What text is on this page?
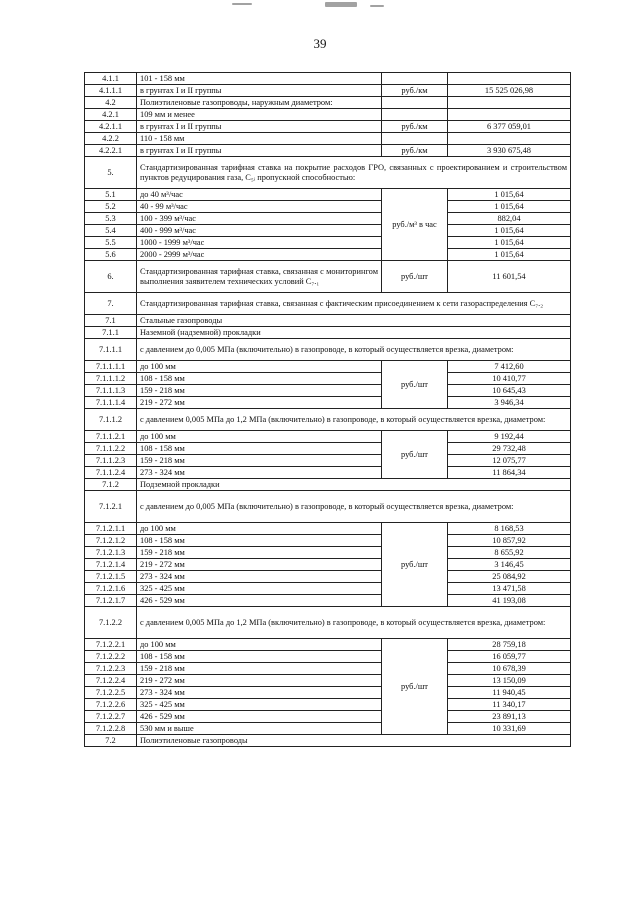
39
4.1.1	101 - 158 мм		
4.1.1.1	в грунтах I и II группы	руб./км	15 525 026,98
4.2	Полиэтиленовые газопроводы, наружным диаметром:		
4.2.1	109 мм и менее		
4.2.1.1	в грунтах I и II группы	руб./км	6 377 059,01
4.2.2	110 - 158 мм		
4.2.2.1	в грунтах I и II группы	руб./км	3 930 675,48
5.	Стандартизированная тарифная ставка на покрытие расходов ГРО, связанных с проектированием и строительством пунктов редуцирования газа, C₅ᵢ пропускной способностью:		
5.1	до 40 м³/час	руб./м³ в час	1 015,64
5.2	40 - 99 м³/час		1 015,64
5.3	100 - 399 м³/час		882,04
5.4	400 - 999 м³/час		1 015,64
5.5	1000 - 1999 м³/час		1 015,64
5.6	2000 - 2999 м³/час		1 015,64
6.	Стандартизированная тарифная ставка, связанная с мониторингом выполнения заявителем технических условий C₇.₁	руб./шт	11 601,54
7.	Стандартизированная тарифная ставка, связанная с фактическим присоединением к сети газораспределения C₇.₂		
7.1	Стальные газопроводы		
7.1.1	Наземной (надземной) прокладки		
7.1.1.1	с давлением до 0,005 МПа (включительно) в газопроводе, в который осуществляется врезка, диаметром:		
7.1.1.1.1	до 100 мм	руб./шт	7 412,60
7.1.1.1.2	108 - 158 мм		10 410,77
7.1.1.1.3	159 - 218 мм		10 645,43
7.1.1.1.4	219 - 272 мм		3 946,34
7.1.1.2	с давлением 0,005 МПа до 1,2 МПа (включительно) в газопроводе, в который осуществляется врезка, диаметром:		
7.1.1.2.1	до 100 мм	руб./шт	9 192,44
7.1.1.2.2	108 - 158 мм		29 732,48
7.1.1.2.3	159 - 218 мм		12 075,77
7.1.1.2.4	273 - 324 мм		11 864,34
7.1.2	Подземной прокладки		
7.1.2.1	с давлением до 0,005 МПа (включительно) в газопроводе, в который осуществляется врезка, диаметром:		
7.1.2.1.1	до 100 мм	руб./шт	8 168,53
7.1.2.1.2	108 - 158 мм		10 857,92
7.1.2.1.3	159 - 218 мм		8 655,92
7.1.2.1.4	219 - 272 мм		3 146,45
7.1.2.1.5	273 - 324 мм		25 084,92
7.1.2.1.6	325 - 425 мм		13 471,58
7.1.2.1.7	426 - 529 мм		41 193,08
7.1.2.2	с давлением 0,005 МПа до 1,2 МПа (включительно) в газопроводе, в который осуществляется врезка, диаметром:		
7.1.2.2.1	до 100 мм	руб./шт	28 759,18
7.1.2.2.2	108 - 158 мм		16 059,77
7.1.2.2.3	159 - 218 мм		10 678,39
7.1.2.2.4	219 - 272 мм		13 150,09
7.1.2.2.5	273 - 324 мм		11 940,45
7.1.2.2.6	325 - 425 мм		11 340,17
7.1.2.2.7	426 - 529 мм		23 891,13
7.1.2.2.8	530 мм и выше		10 331,69
7.2	Полиэтиленовые газопроводы		
